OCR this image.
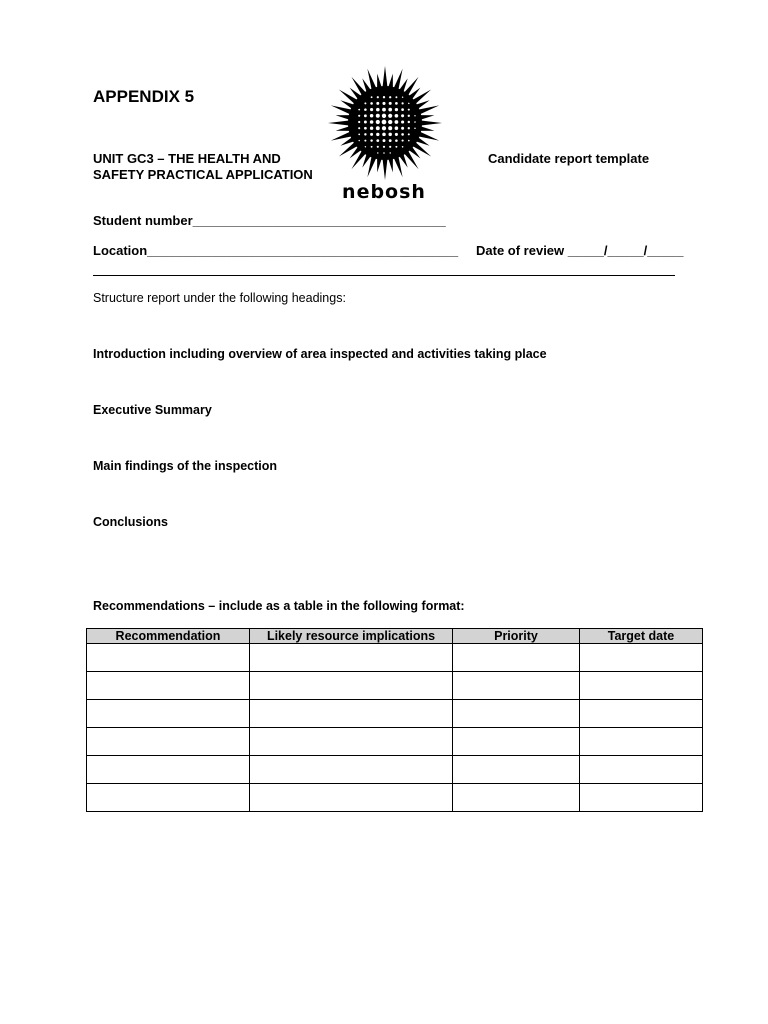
APPENDIX 5
UNIT GC3 – THE HEALTH AND
SAFETY PRACTICAL APPLICATION
Candidate report template
nebosh
Student number___________________________________
Location___________________________________________ Date of review _____/_____/_____
Structure report under the following headings:
Introduction including overview of area inspected and activities taking place
Executive Summary
Main findings of the inspection
Conclusions
Recommendations – include as a table in the following format:
Recommendation	Likely resource implications	Priority	Target date
